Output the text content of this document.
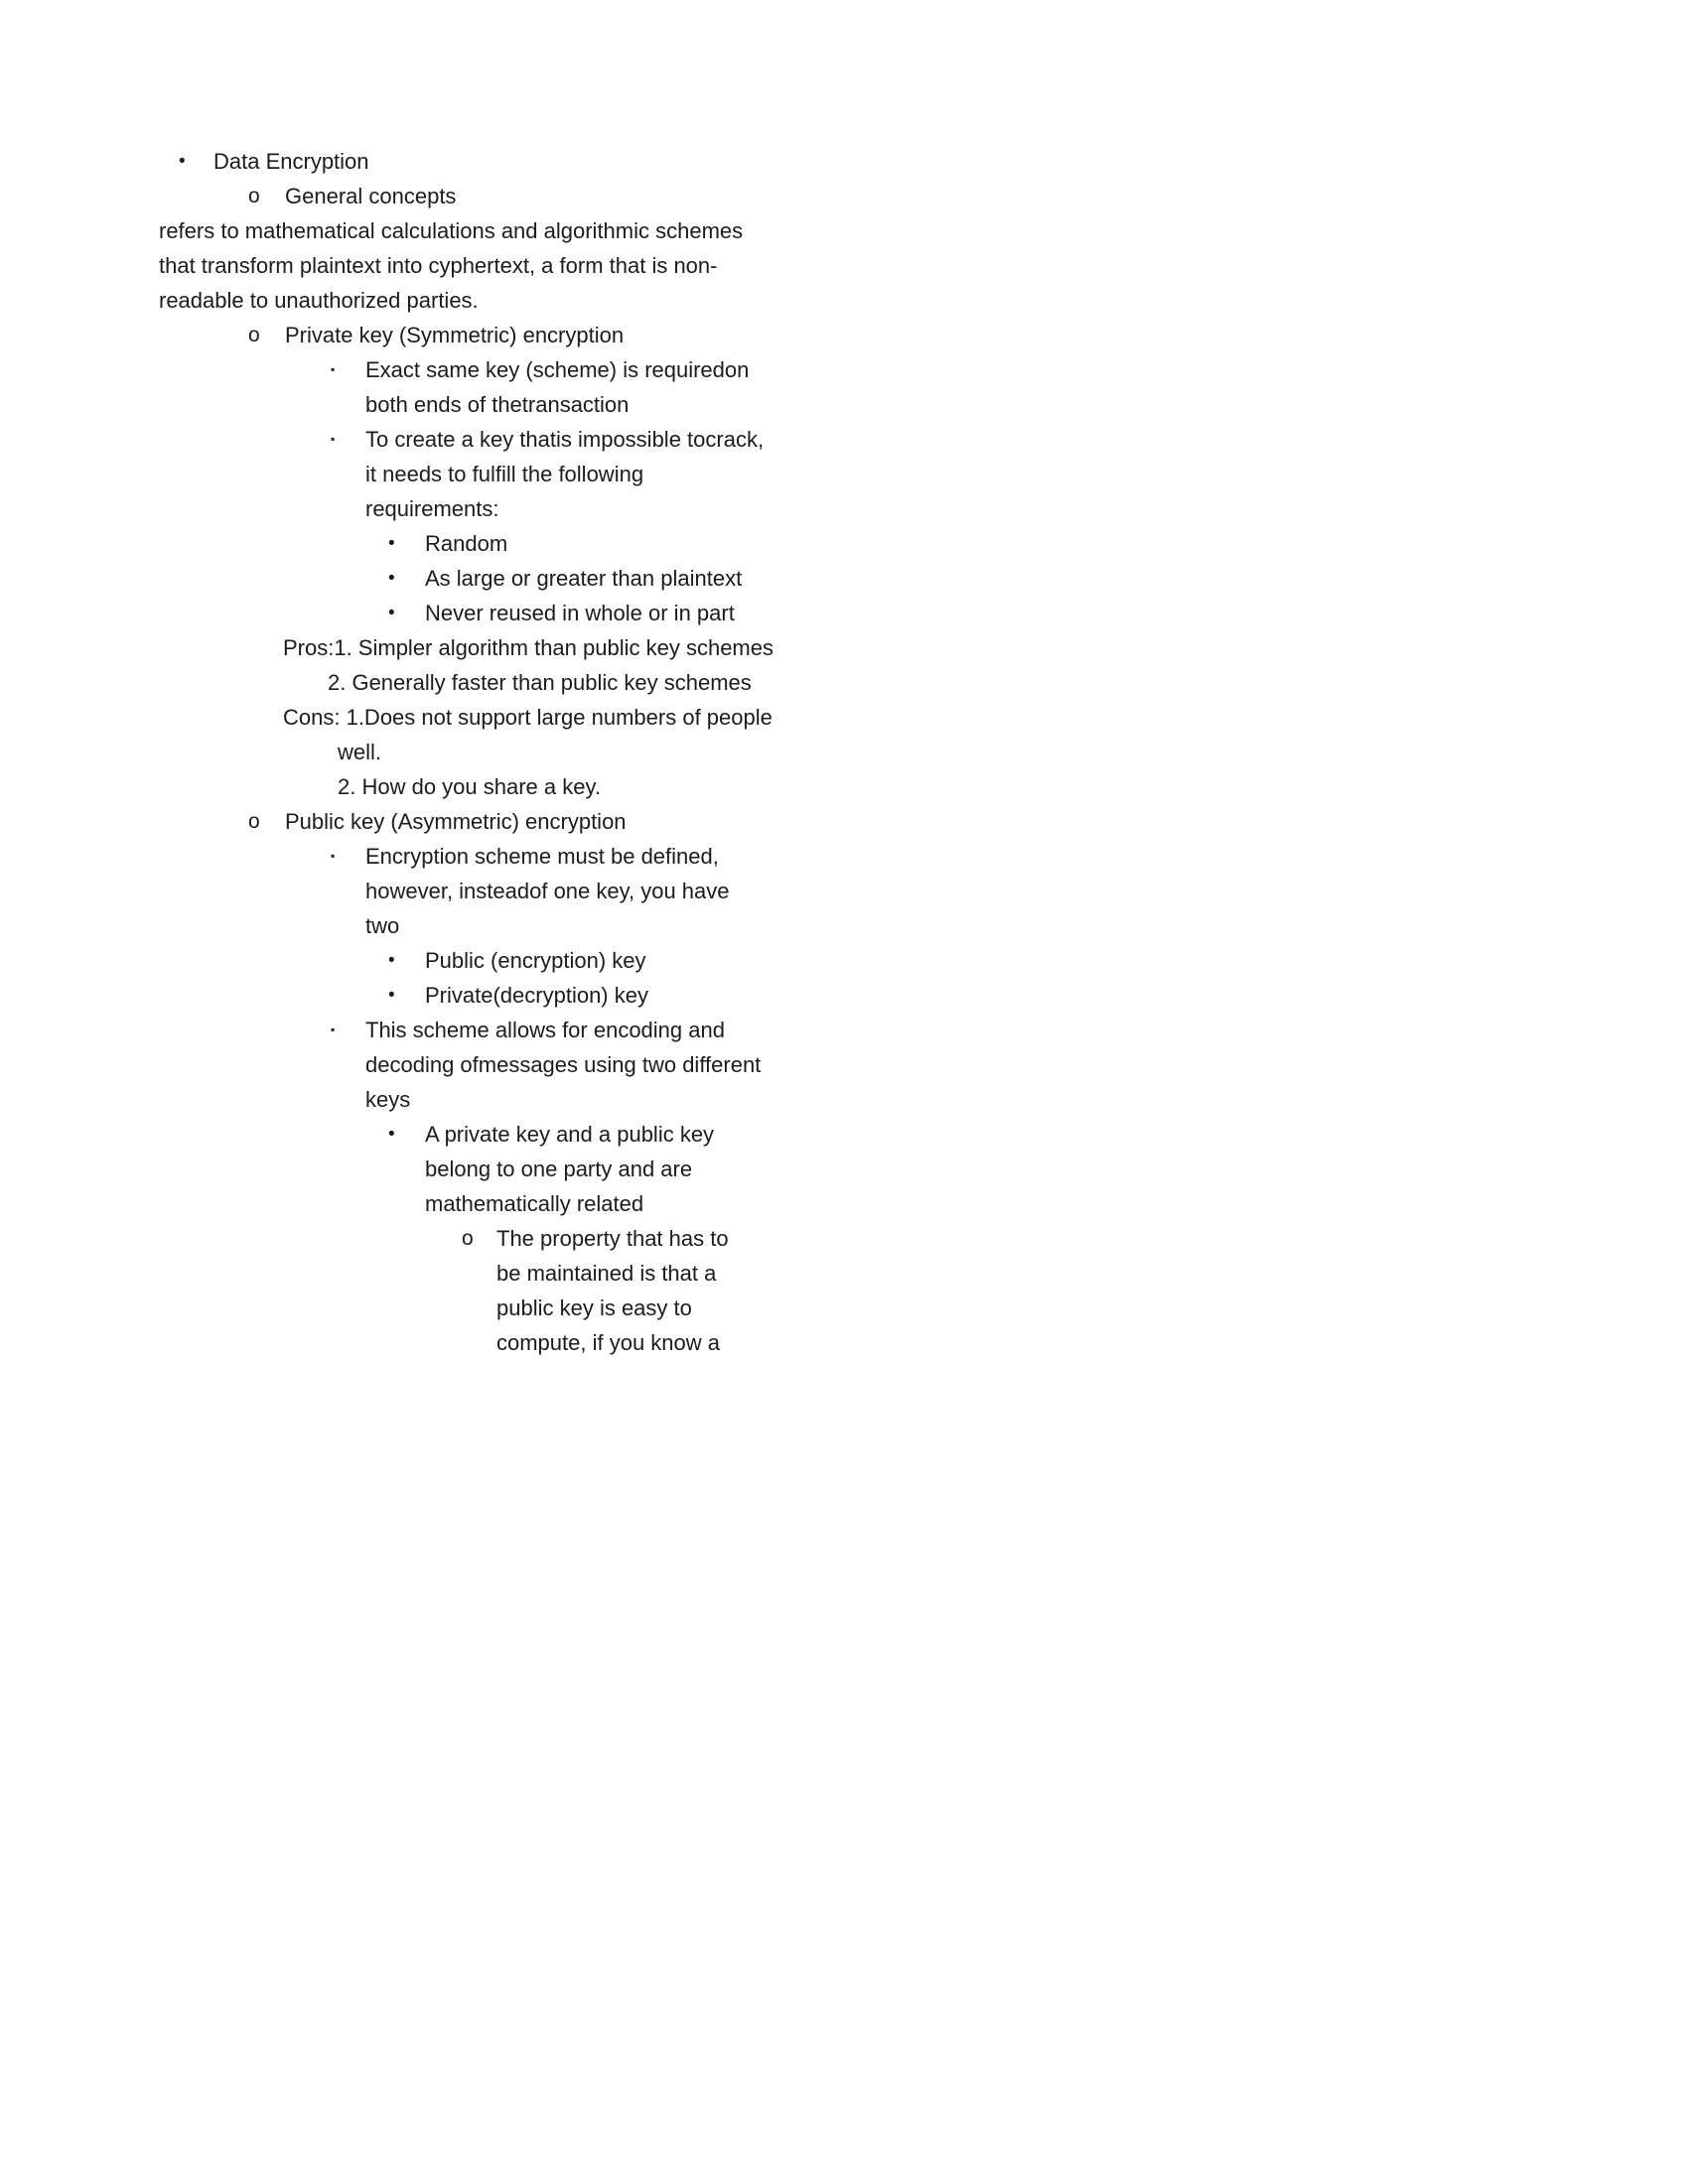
• Data Encryption
o General concepts
refers to mathematical calculations and algorithmic schemes
that transform plaintext into cyphertext, a form that is non-
readable to unauthorized parties.
o Private key (Symmetric) encryption
▪ Exact same key (scheme) is requiredon
both ends of thetransaction
▪ To create a key thatis impossible tocrack,
it needs to fulfill the following
requirements:
• Random
• As large or greater than plaintext
• Never reused in whole or in part
Pros:1. Simpler algorithm than public key schemes
2. Generally faster than public key schemes
Cons: 1.Does not support large numbers of people
well.
2. How do you share a key.
o Public key (Asymmetric) encryption
▪ Encryption scheme must be defined,
however, insteadof one key, you have
two
• Public (encryption) key
• Private(decryption) key
▪ This scheme allows for encoding and
decoding ofmessages using two different
keys
• A private key and a public key
belong to one party and are
mathematically related
o The property that has to
be maintained is that a
public key is easy to
compute, if you know a
